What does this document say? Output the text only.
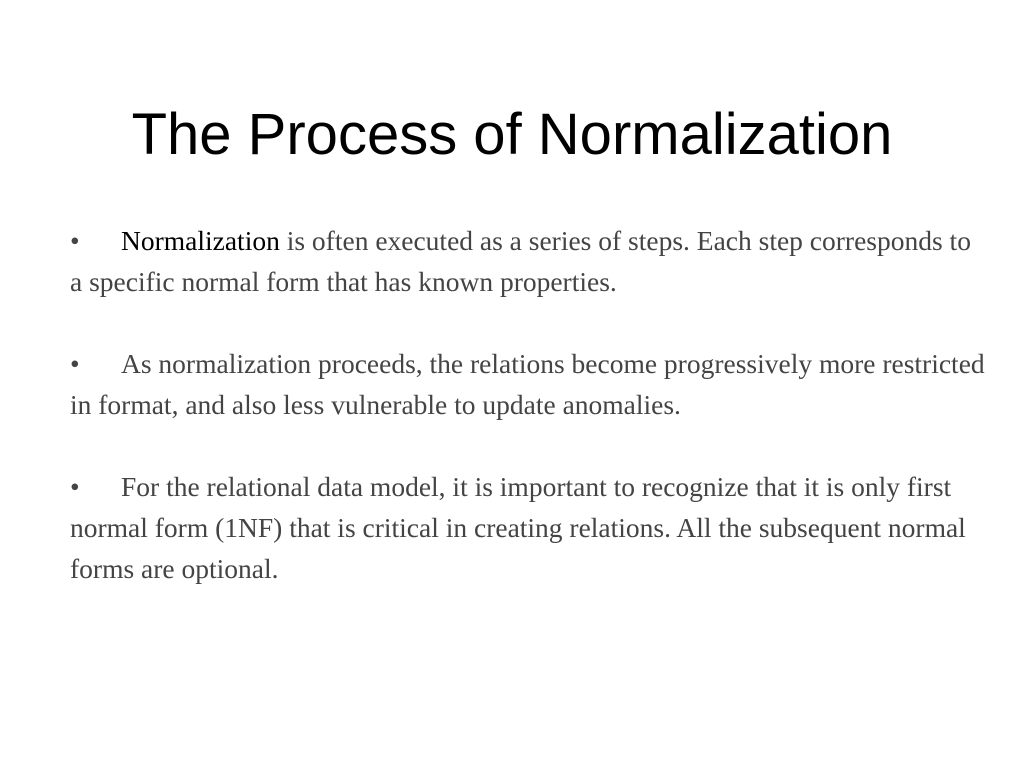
The Process of Normalization

• Normalization is often executed as a series of steps. Each step corresponds to a specific normal form that has known properties.

• As normalization proceeds, the relations become progressively more restricted in format, and also less vulnerable to update anomalies.

• For the relational data model, it is important to recognize that it is only first normal form (1NF) that is critical in creating relations. All the subsequent normal forms are optional.
